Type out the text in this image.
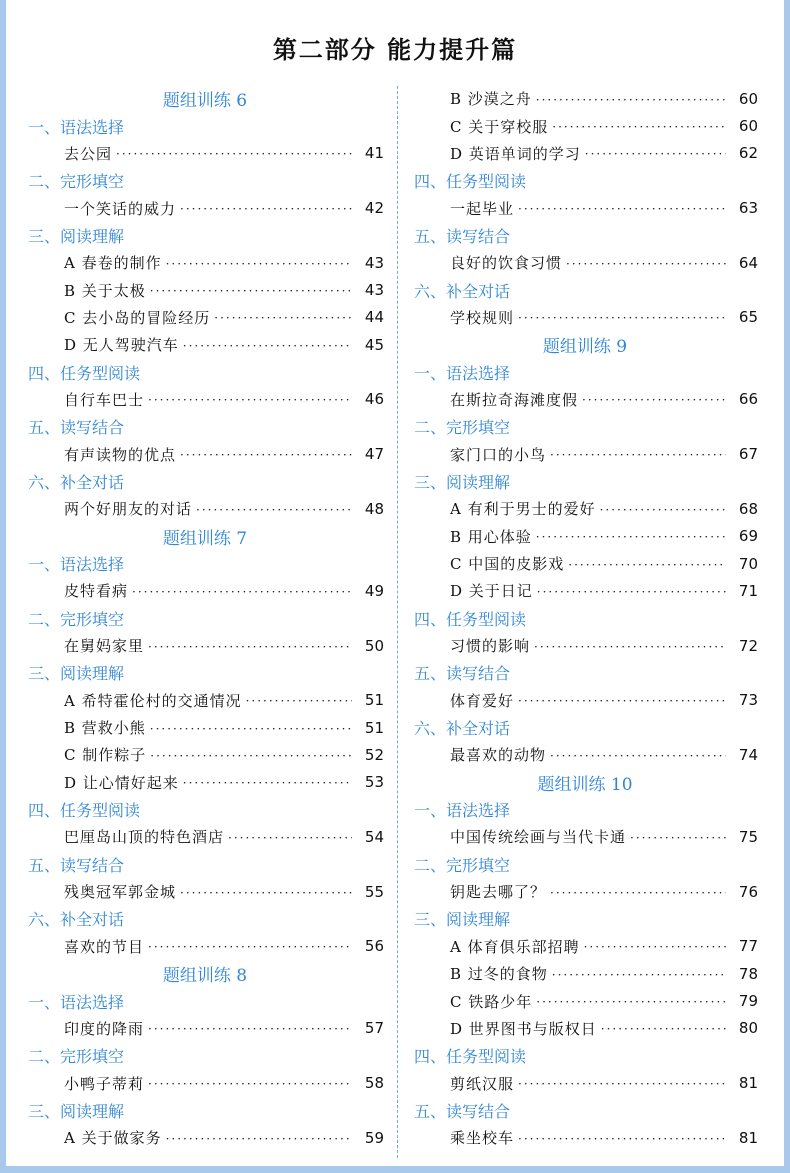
第二部分 能力提升篇
题组训练 6
一、语法选择
去公园 ·····	41
二、完形填空
一个笑话的威力 ·····	42
三、阅读理解
A 春卷的制作 ·····	43
B 关于太极 ·····	43
C 去小岛的冒险经历 ·····	44
D 无人驾驶汽车 ·····	45
四、任务型阅读
自行车巴士 ·····	46
五、读写结合
有声读物的优点 ·····	47
六、补全对话
两个好朋友的对话 ·····	48
题组训练 7
一、语法选择
皮特看病 ·····	49
二、完形填空
在舅妈家里 ·····	50
三、阅读理解
A 希特霍伦村的交通情况 ·····	51
B 营救小熊 ·····	51
C 制作粽子 ·····	52
D 让心情好起来 ·····	53
四、任务型阅读
巴厘岛山顶的特色酒店 ·····	54
五、读写结合
残奥冠军郭金城 ·····	55
六、补全对话
喜欢的节目 ·····	56
题组训练 8
一、语法选择
印度的降雨 ·····	57
二、完形填空
小鸭子蒂莉 ·····	58
三、阅读理解
A 关于做家务 ·····	59
B 沙漠之舟 ·····	60
C 关于穿校服 ·····	60
D 英语单词的学习 ·····	62
四、任务型阅读
一起毕业 ·····	63
五、读写结合
良好的饮食习惯 ·····	64
六、补全对话
学校规则 ·····	65
题组训练 9
一、语法选择
在斯拉奇海滩度假 ·····	66
二、完形填空
家门口的小鸟 ·····	67
三、阅读理解
A 有利于男士的爱好 ·····	68
B 用心体验 ·····	69
C 中国的皮影戏 ·····	70
D 关于日记 ·····	71
四、任务型阅读
习惯的影响 ·····	72
五、读写结合
体育爱好 ·····	73
六、补全对话
最喜欢的动物 ·····	74
题组训练 10
一、语法选择
中国传统绘画与当代卡通 ·····	75
二、完形填空
钥匙去哪了？ ·····	76
三、阅读理解
A 体育俱乐部招聘 ·····	77
B 过冬的食物 ·····	78
C 铁路少年 ·····	79
D 世界图书与版权日 ·····	80
四、任务型阅读
剪纸汉服 ·····	81
五、读写结合
乘坐校车 ·····	81
